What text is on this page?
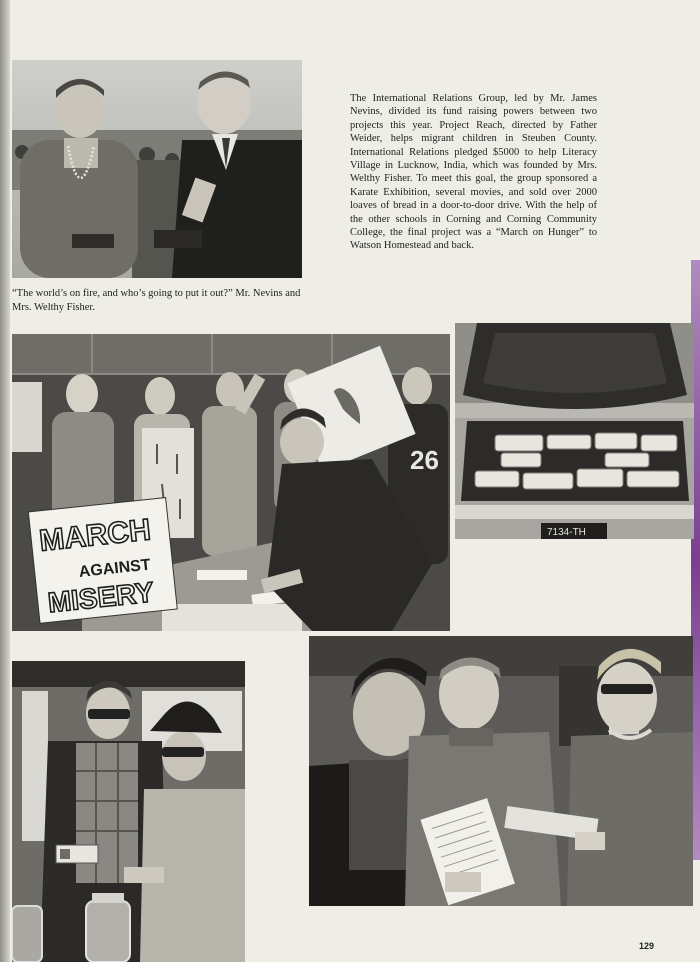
“The world’s on fire, and who’s going to put it out?” Mr. Nevins and Mrs. Welthy Fisher.
The International Relations Group, led by Mr. James Nevins, divided its fund raising powers between two projects this year. Project Reach, directed by Father Weider, helps migrant children in Steuben County. International Relations pledged $5000 to help Literacy Village in Lucknow, India, which was founded by Mrs. Welthy Fisher. To meet this goal, the group sponsored a Karate Exhibition, several movies, and sold over 2000 loaves of bread in a door-to-door drive. With the help of the other schools in Corning and Corning Community College, the final project was a “March on Hunger” to Watson Homestead and back.
26
MARCH
AGAINST
MISERY
7134-TH
129
